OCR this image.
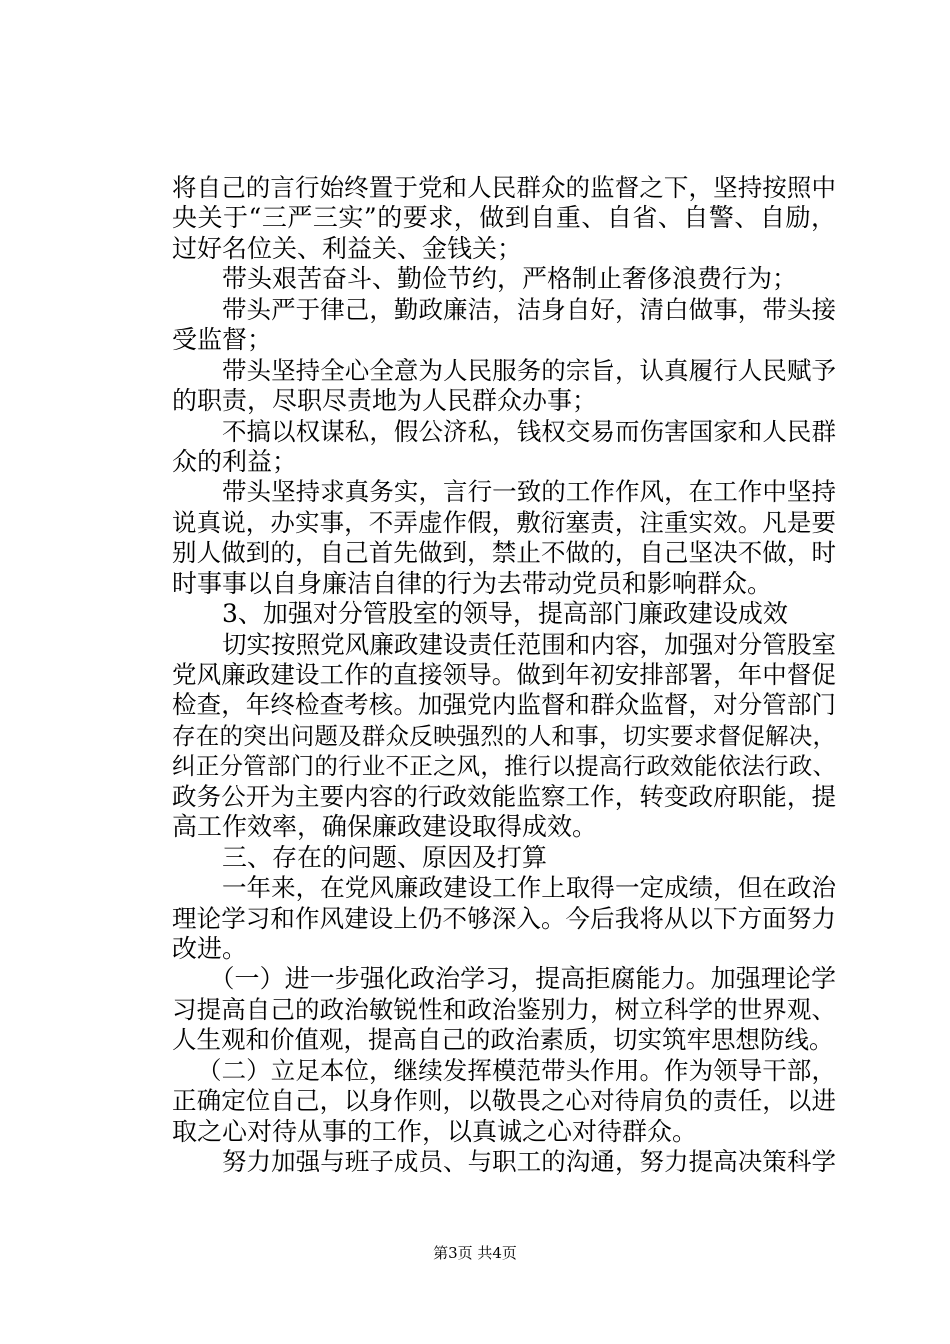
将自己的言行始终置于党和人民群众的监督之下，坚持按照中
央关于“三严三实”的要求，做到自重、自省、自警、自励，
过好名位关、利益关、金钱关；
带头艰苦奋斗、勤俭节约，严格制止奢侈浪费行为；
带头严于律己，勤政廉洁，洁身自好，清白做事，带头接
受监督；
带头坚持全心全意为人民服务的宗旨，认真履行人民赋予
的职责，尽职尽责地为人民群众办事；
不搞以权谋私，假公济私，钱权交易而伤害国家和人民群
众的利益；
带头坚持求真务实，言行一致的工作作风，在工作中坚持
说真说，办实事，不弄虚作假，敷衍塞责，注重实效。凡是要
别人做到的，自己首先做到，禁止不做的，自己坚决不做，时
时事事以自身廉洁自律的行为去带动党员和影响群众。
3、加强对分管股室的领导，提高部门廉政建设成效
切实按照党风廉政建设责任范围和内容，加强对分管股室
党风廉政建设工作的直接领导。做到年初安排部署，年中督促
检查，年终检查考核。加强党内监督和群众监督，对分管部门
存在的突出问题及群众反映强烈的人和事，切实要求督促解决，
纠正分管部门的行业不正之风，推行以提高行政效能依法行政、
政务公开为主要内容的行政效能监察工作，转变政府职能，提
高工作效率，确保廉政建设取得成效。
三、存在的问题、原因及打算
一年来，在党风廉政建设工作上取得一定成绩，但在政治
理论学习和作风建设上仍不够深入。今后我将从以下方面努力
改进。
（一）进一步强化政治学习，提高拒腐能力。加强理论学
习提高自己的政治敏锐性和政治鉴别力，树立科学的世界观、
人生观和价值观，提高自己的政治素质，切实筑牢思想防线。
（二）立足本位，继续发挥模范带头作用。作为领导干部，
正确定位自己，以身作则，以敬畏之心对待肩负的责任，以进
取之心对待从事的工作，以真诚之心对待群众。
努力加强与班子成员、与职工的沟通，努力提高决策科学
第3页 共4页
